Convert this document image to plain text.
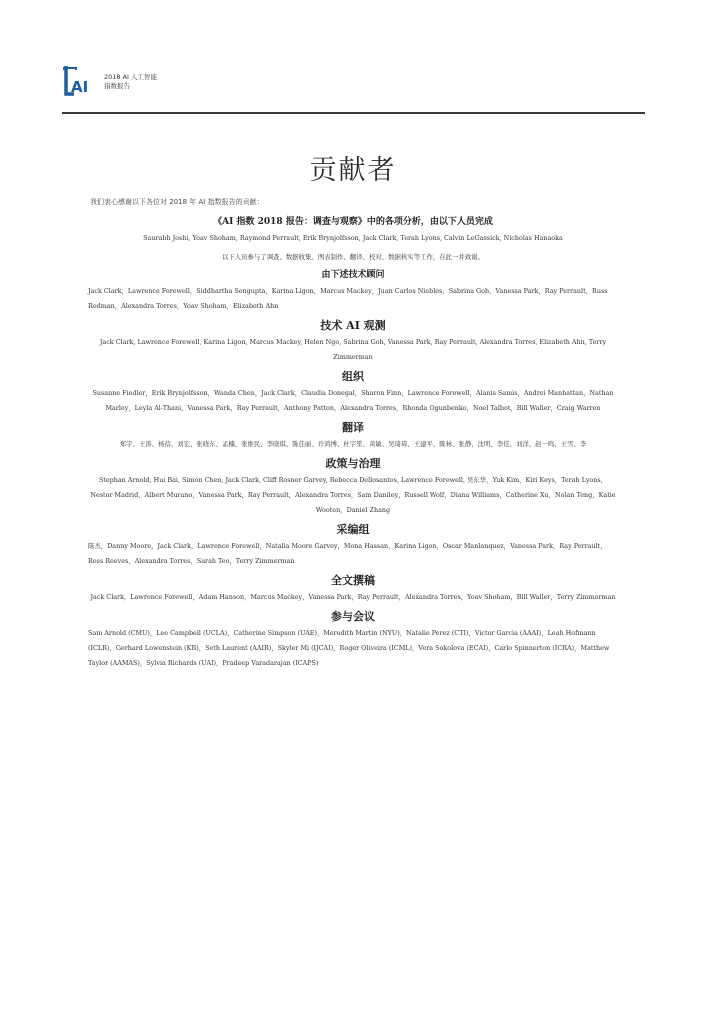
AI
2018 AI 人工智能
指数报告
贡献者
我们衷心感谢以下各位对 2018 年 AI 指数报告的贡献：
《AI 指数 2018 报告：调查与观察》中的各项分析，由以下人员完成
Saurabh Joshi, Yoav Shoham, Raymond Perrault, Erik Brynjolfsson, Jack Clark, Terah Lyons, Calvin LeGassick, Nicholas Hanaoka
以下人员参与了调查、数据收集、图表制作、翻译、校对、数据核实等工作，在此一并致谢。
由下述技术顾问
Jack Clark，Lawrence Forewell，Siddhartha Sengupta，Karina Ligon，Marcus Mackey，Juan Carlos Niebles，Sabrina Goh，Vanessa Park，Ray Perrault，Russ Rodman，Alexandra Torres，Yoav Shoham，Elizabeth Ahn
技术 AI 观测
Jack Clark, Lawrence Forewell, Karina Ligon, Marcus Mackey, Helen Ngo, Sabrina Goh, Vanessa Park, Ray Perrault, Alexandra Torres, Elizabeth Ahn, Terry Zimmerman
组织
Susanne Fiedler，Erik Brynjolfsson，Wanda Chen，Jack Clark，Claudia Donegal，Sharon Finn，Lawrence Forewell，Alanis Samis，Andrei Manhattan，Nathan Marley，Leyla Al-Thani，Vanessa Park，Ray Perrault，Anthony Patton，Alexandra Torres，Rhonda Ogunbenko，Noel Talbot，Bill Waller，Craig Warren
翻译
郑宇、王涛、杨蓓、刘宏、张晓东、孟楠、张维民、李晓琪、陈佳丽、许鸿博、杜宇笙、黄敏、吴琦琦、王建平、陈林、张静、沈明、李佳、刘洋、赵一鸣、王雪、李
政策与治理
Stephan Arnold, Hui Bai, Simon Chen, Jack Clark, Cliff Rosner Garvey, Rebecca Dellosantos, Lawrence Forewell, 吴东华，Yuk Kim，Kiri Keys，Terah Lyons，Nestor Madrid，Albert Murano，Vanessa Park，Ray Perrault，Alexandra Torres，Sam Daniley，Russell Wolf，Diana Williams，Catherine Xu，Nolan Teng，Katie Wooten，Daniel Zhang
采编组
陈杰，Danny Moore，Jack Clark，Lawrence Forewell，Natalia Moore Garvey，Mona Hassan，Karina Ligon，Oscar Manlanquez，Vanessa Park，Ray Perrault，Ross Reeves，Alexandra Torres，Sarah Teo，Terry Zimmerman
全文撰稿
Jack Clark，Lawrence Forewell，Adam Hanson，Marcus Mackey，Vanessa Park，Ray Perrault，Alexandra Torres，Yoav Shoham，Bill Waller，Terry Zimmerman
参与会议
Sam Arnold (CMU)，Lee Campbell (UCLA)，Catherine Simpson (UAE)，Meredith Martin (NYU)，Natalie Perez (CTI)，Victor Garcia (AAAI)，Leah Hofmann (ICLR)，Gerhard Lowenstein (KR)，Seth Laurent (AAIR)，Skyler Mi (IJCAI)，Roger Oliveira (ICML)，Vera Sokolova (ECAI)，Carlo Spinnerton (ICRA)，Matthew Taylor (AAMAS)，Sylvia Richards (UAI)，Pradeep Varadarajan (ICAPS)
